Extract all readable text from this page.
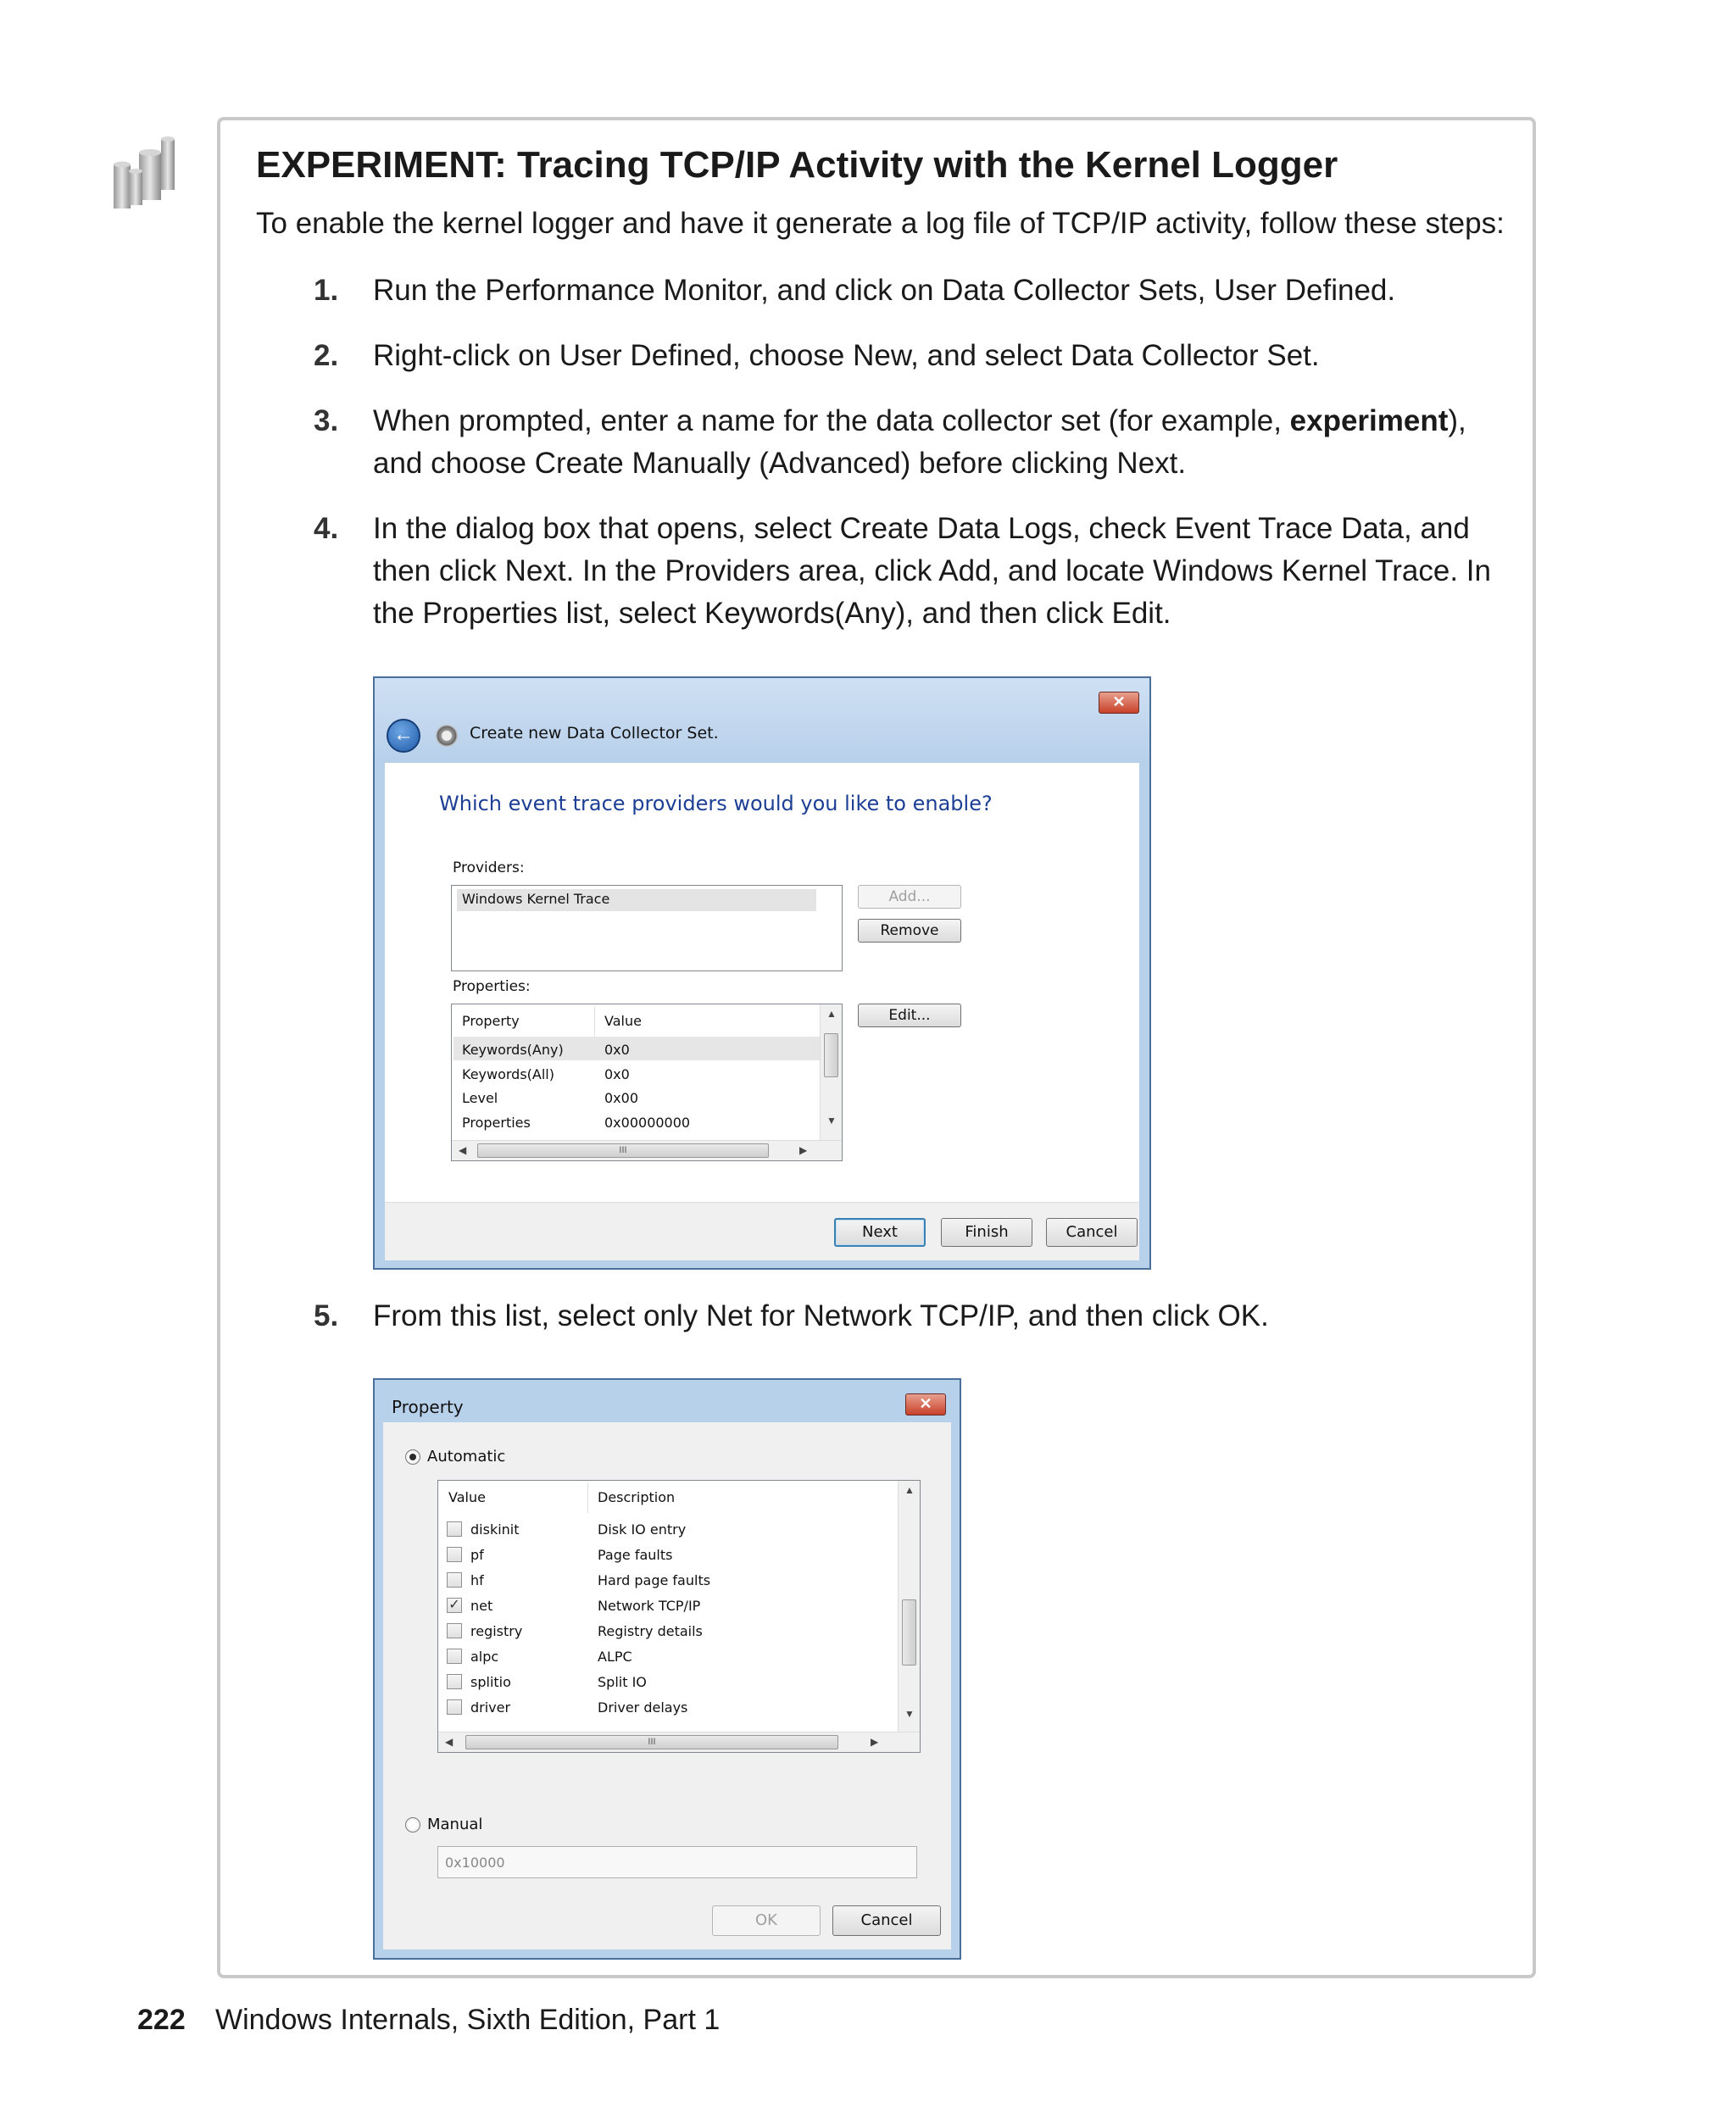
EXPERIMENT: Tracing TCP/IP Activity with the Kernel Logger
To enable the kernel logger and have it generate a log file of TCP/IP activity, follow these steps:
1. Run the Performance Monitor, and click on Data Collector Sets, User Defined.
2. Right-click on User Defined, choose New, and select Data Collector Set.
3. When prompted, enter a name for the data collector set (for example, experiment),
and choose Create Manually (Advanced) before clicking Next.
4. In the dialog box that opens, select Create Data Logs, check Event Trace Data, and
then click Next. In the Providers area, click Add, and locate Windows Kernel Trace. In
the Properties list, select Keywords(Any), and then click Edit.
✕
←	Create new Data Collector Set.
Which event trace providers would you like to enable?
Providers:
Windows Kernel Trace	Add...
Remove
Properties:
Property	Value
Keywords(Any)	0x0
Keywords(All)	0x0
Level	0x00
Properties	0x00000000
▲
▼
◀	III	▶
Edit...
Next	Finish	Cancel
5. From this list, select only Net for Network TCP/IP, and then click OK.
Property	✕
Automatic
Value	Description
diskinit	Disk IO entry
pf	Page faults
hf	Hard page faults
✓ net	Network TCP/IP
registry	Registry details
alpc	ALPC
splitio	Split IO
driver	Driver delays
▲
▼
◀	III	▶
Manual
0x10000
OK	Cancel
222 Windows Internals, Sixth Edition, Part 1
